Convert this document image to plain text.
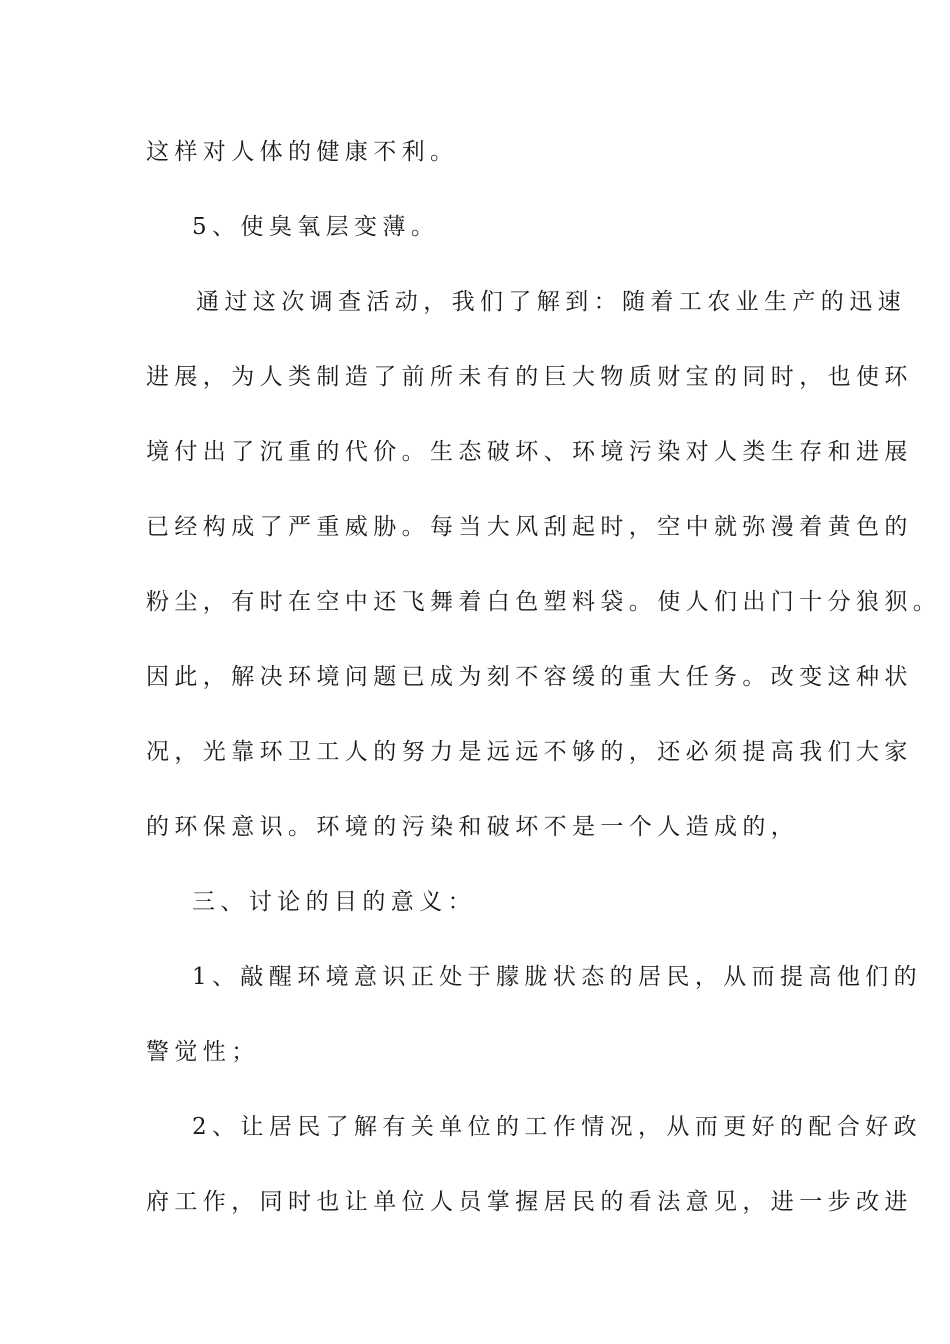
这样对人体的健康不利。
5、使臭氧层变薄。
通过这次调查活动，我们了解到：随着工农业生产的迅速
进展，为人类制造了前所未有的巨大物质财宝的同时，也使环
境付出了沉重的代价。生态破坏、环境污染对人类生存和进展
已经构成了严重威胁。每当大风刮起时，空中就弥漫着黄色的
粉尘，有时在空中还飞舞着白色塑料袋。使人们出门十分狼狈。
因此，解决环境问题已成为刻不容缓的重大任务。改变这种状
况，光靠环卫工人的努力是远远不够的，还必须提高我们大家
的环保意识。环境的污染和破坏不是一个人造成的，
三、讨论的目的意义：
1、敲醒环境意识正处于朦胧状态的居民，从而提高他们的
警觉性；
2、让居民了解有关单位的工作情况，从而更好的配合好政
府工作，同时也让单位人员掌握居民的看法意见，进一步改进
